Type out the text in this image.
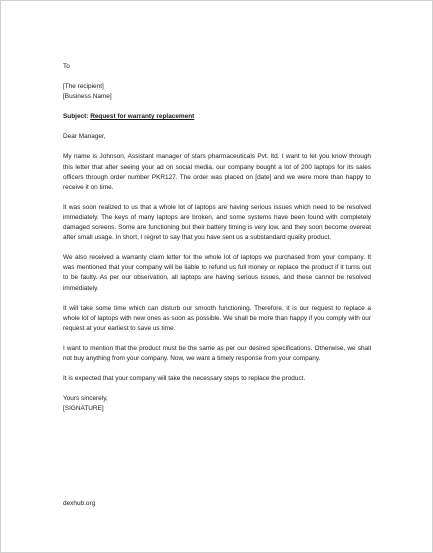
To

[The recipient]

[Business Name]

Subject: Request for warranty replacement

Dear Manager,

My name is Johnson, Assistant manager of stars pharmaceuticals Pvt. ltd. I want to let you know through this letter that after seeing your ad on social media, our company bought a lot of 200 laptops for its sales officers through order number PKR127. The order was placed on [date] and we were more than happy to receive it on time.

It was soon realized to us that a whole lot of laptops are having serious issues which need to be resolved immediately. The keys of many laptops are broken, and some systems have been found with completely damaged screens. Some are functioning but their battery timing is very low, and they soon become overeat after small usage. In short, I regret to say that you have sent us a substandard quality product.

We also received a warranty claim letter for the whole lot of laptops we purchased from your company. It was mentioned that your company will be liable to refund us full money or replace the product if it turns out to be faulty. As per our observation, all laptops are having serious issues, and these cannot be resolved immediately.

It will take some time which can disturb our smooth functioning. Therefore, it is our request to replace a whole lot of laptops with new ones as soon as possible. We shall be more than happy if you comply with our request at your earliest to save us time.

I want to mention that the product must be the same as per our desired specifications. Otherwise, we shall not buy anything from your company. Now, we want a timely response from your company.

It is expected that your company will take the necessary steps to replace the product.

Yours sincerely,

[SIGNATURE]

dexhub.org
